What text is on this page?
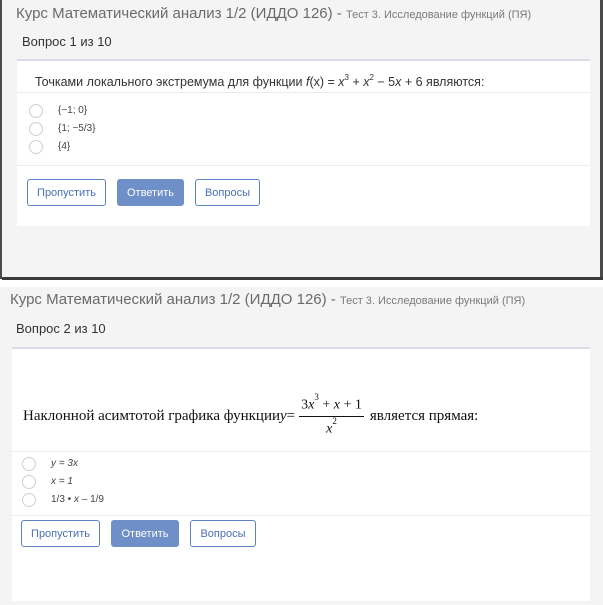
Курс Математический анализ 1/2 (ИДДО 126) - Тест 3. Исследование функций (ПЯ)
Вопрос 1 из 10
Точками локального экстремума для функции $f(x) = x^3 + x^2 - 5x + 6$ являются:
{−1; 0}
{1; −5/3}
{4}
Пропустить	Ответить	Вопросы
Курс Математический анализ 1/2 (ИДДО 126) - Тест 3. Исследование функций (ПЯ)
Вопрос 2 из 10
Наклонной асимтотой графика функции $y = \frac{3x^3 + x + 1}{x^2}$ является прямая:
y = 3x
x = 1
1/3 • x – 1/9
Пропустить	Ответить	Вопросы
